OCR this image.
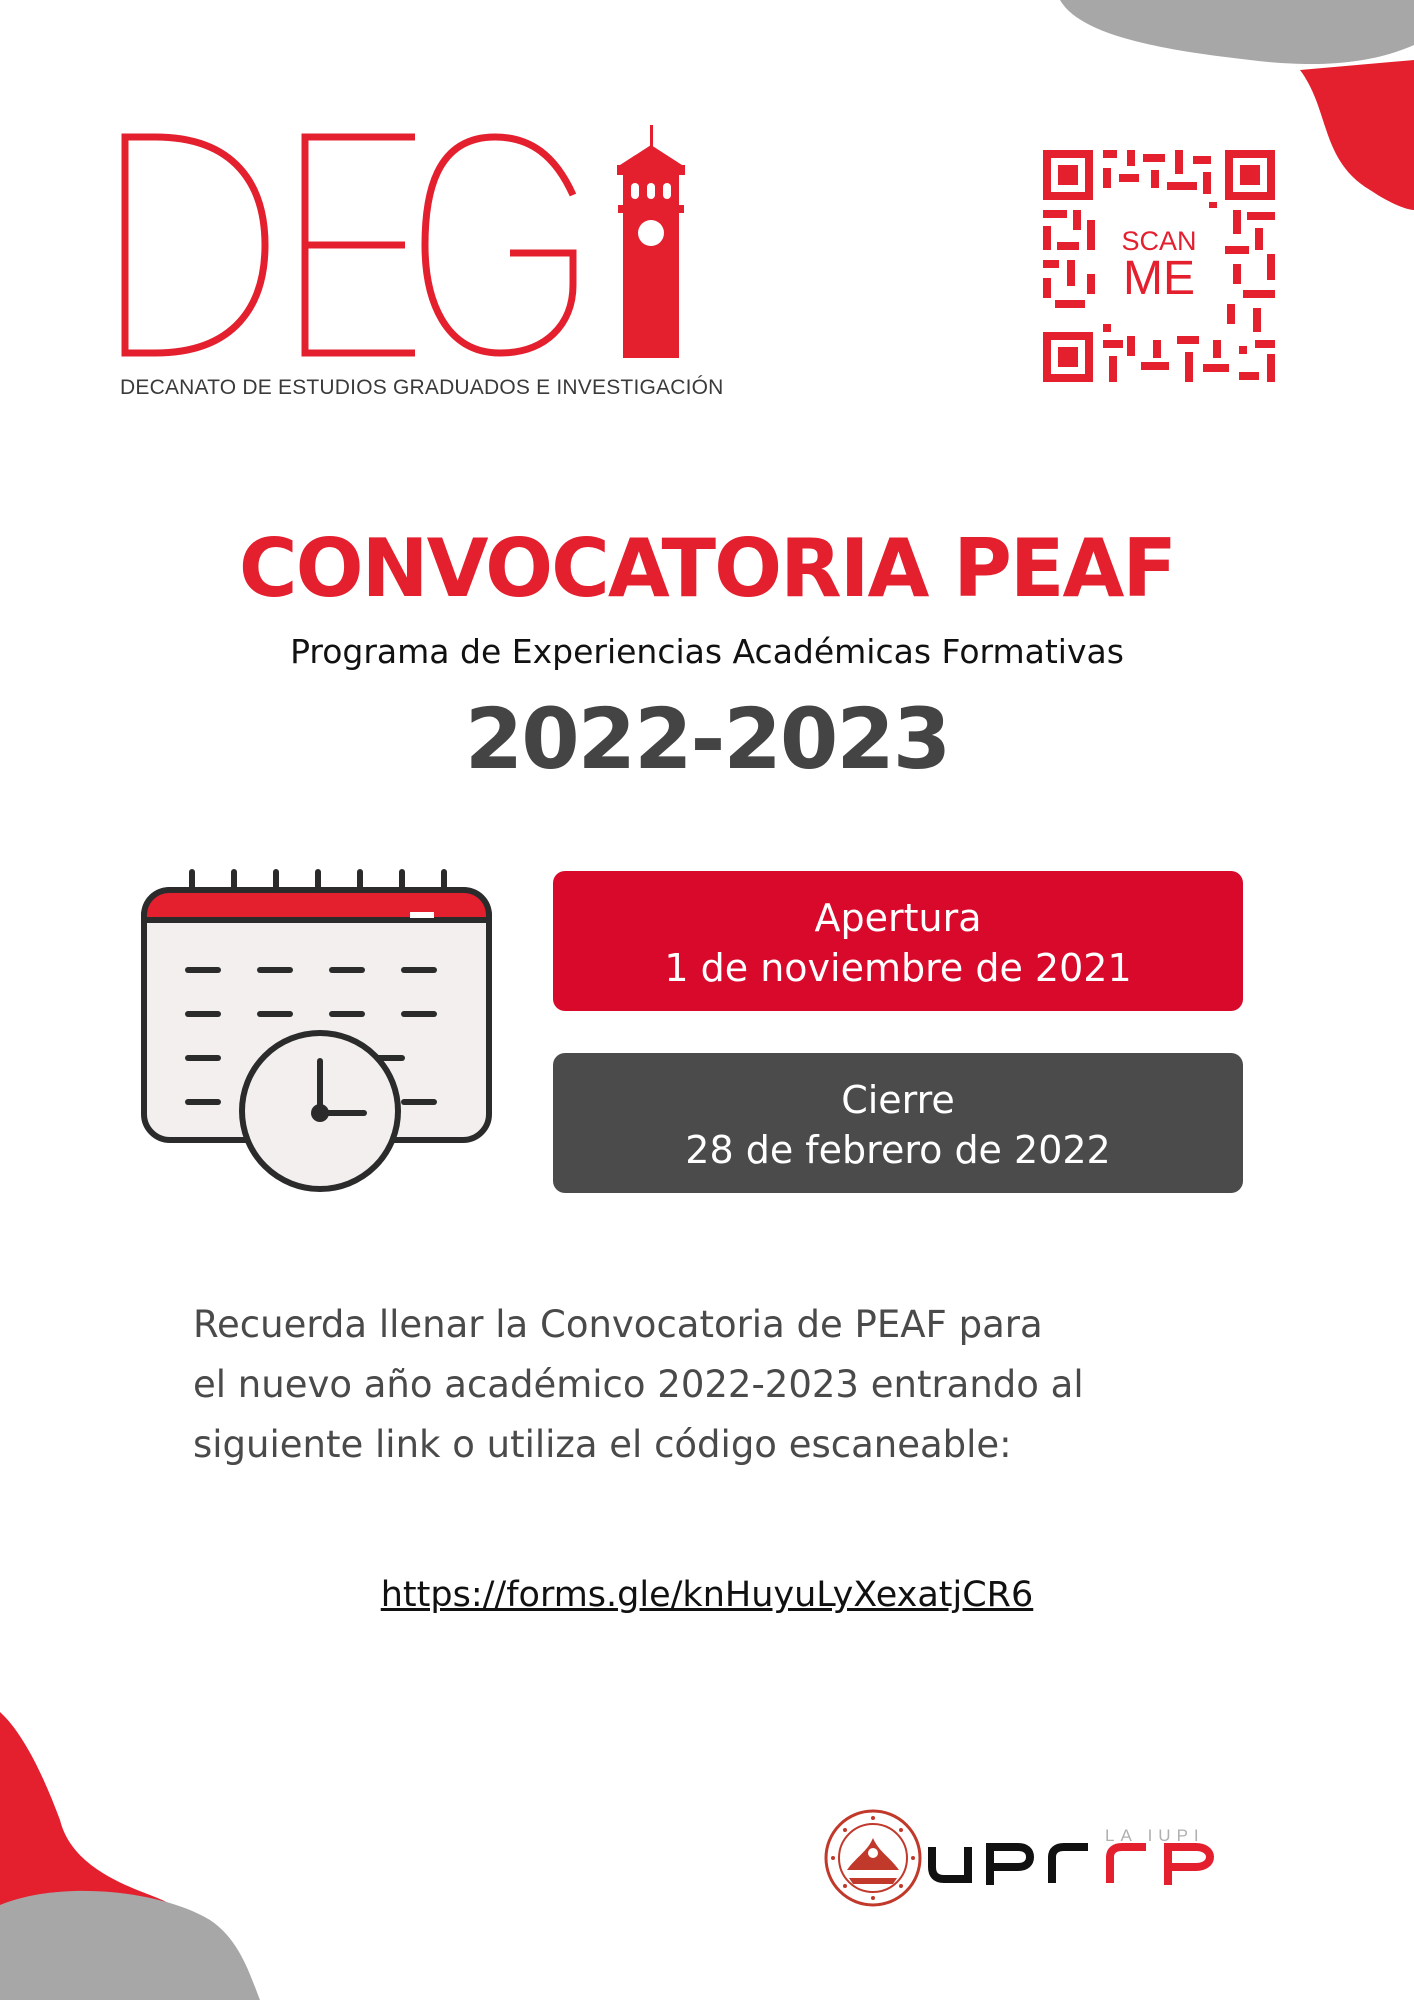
DECANATO DE ESTUDIOS GRADUADOS E INVESTIGACIÓN
SCAN
ME
CONVOCATORIA PEAF
Programa de Experiencias Académicas Formativas
2022-2023
Apertura
1 de noviembre de 2021
Cierre
28 de febrero de 2022
Recuerda llenar la Convocatoria de PEAF para
el nuevo año académico 2022-2023 entrando al
siguiente link o utiliza el código escaneable:
https://forms.gle/knHuyuLyXexatjCR6
LA IUPI
